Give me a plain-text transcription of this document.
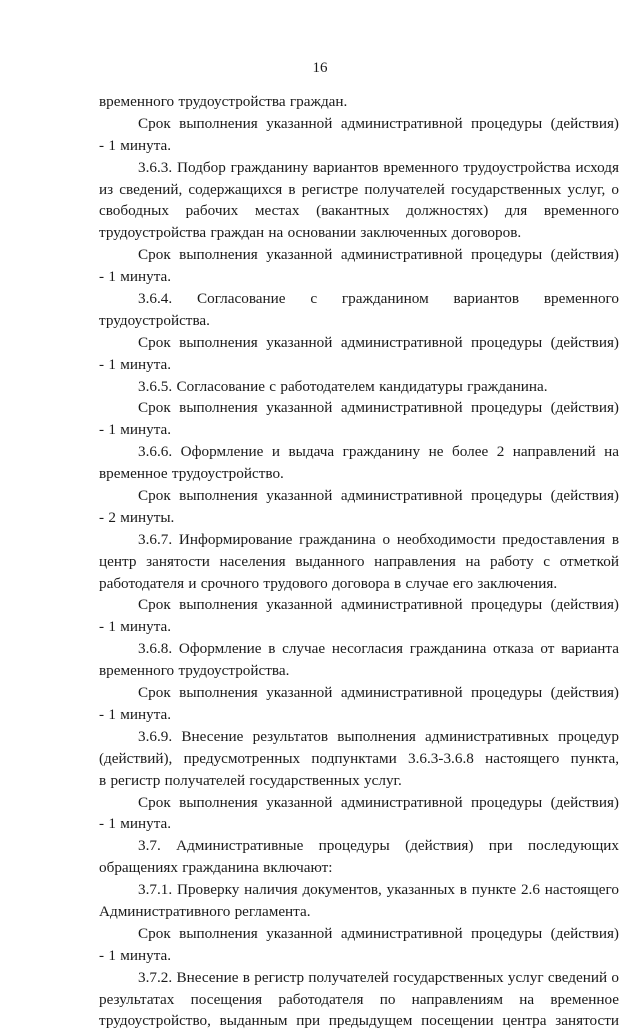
16
временного трудоустройства граждан.
Срок выполнения указанной административной процедуры (действия)
- 1 минута.
3.6.3. Подбор гражданину вариантов временного трудоустройства исходя
из сведений, содержащихся в регистре получателей государственных услуг, о
свободных рабочих местах (вакантных должностях) для временного
трудоустройства граждан на основании заключенных договоров.
Срок выполнения указанной административной процедуры (действия)
- 1 минута.
3.6.4. Согласование с гражданином вариантов временного
трудоустройства.
Срок выполнения указанной административной процедуры (действия)
- 1 минута.
3.6.5. Согласование с работодателем кандидатуры гражданина.
Срок выполнения указанной административной процедуры (действия)
- 1 минута.
3.6.6. Оформление и выдача гражданину не более 2 направлений на
временное трудоустройство.
Срок выполнения указанной административной процедуры (действия)
- 2 минуты.
3.6.7. Информирование гражданина о необходимости предоставления в
центр занятости населения выданного направления на работу с отметкой
работодателя и срочного трудового договора в случае его заключения.
Срок выполнения указанной административной процедуры (действия)
- 1 минута.
3.6.8. Оформление в случае несогласия гражданина отказа от варианта
временного трудоустройства.
Срок выполнения указанной административной процедуры (действия)
- 1 минута.
3.6.9. Внесение результатов выполнения административных процедур
(действий), предусмотренных подпунктами 3.6.3-3.6.8 настоящего пункта,
в регистр получателей государственных услуг.
Срок выполнения указанной административной процедуры (действия)
- 1 минута.
3.7. Административные процедуры (действия) при последующих
обращениях гражданина включают:
3.7.1. Проверку наличия документов, указанных в пункте 2.6 настоящего
Административного регламента.
Срок выполнения указанной административной процедуры (действия)
- 1 минута.
3.7.2. Внесение в регистр получателей государственных услуг сведений о
результатах посещения работодателя по направлениям на временное
трудоустройство, выданным при предыдущем посещении центра занятости
